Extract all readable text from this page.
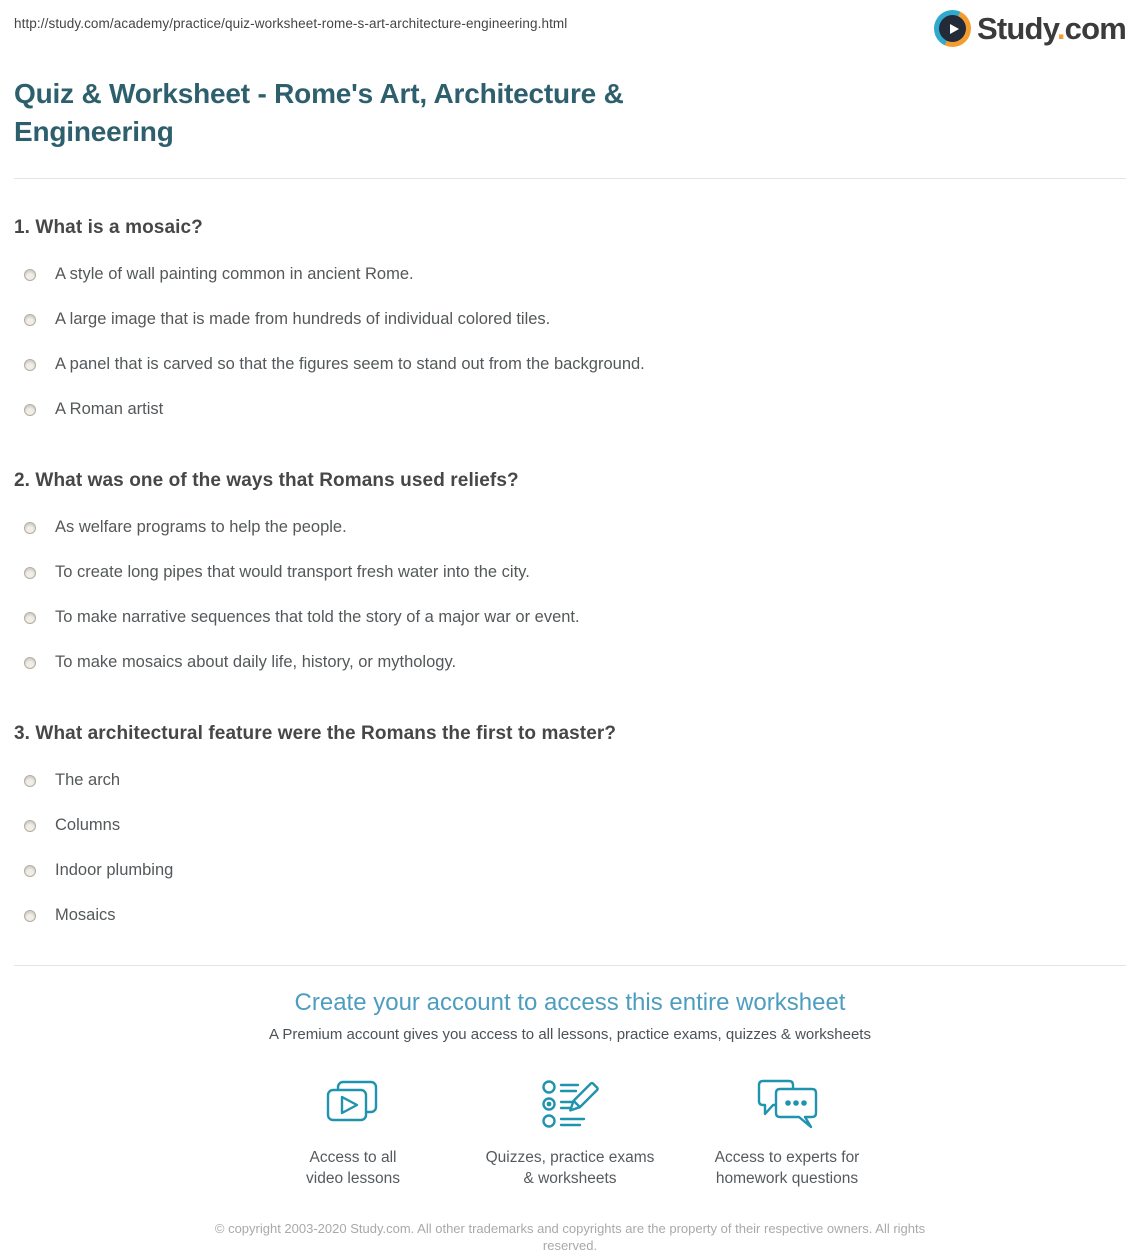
http://study.com/academy/practice/quiz-worksheet-rome-s-art-architecture-engineering.html	Study.com
Quiz & Worksheet - Rome's Art, Architecture & Engineering
1. What is a mosaic?
A style of wall painting common in ancient Rome.
A large image that is made from hundreds of individual colored tiles.
A panel that is carved so that the figures seem to stand out from the background.
A Roman artist
2. What was one of the ways that Romans used reliefs?
As welfare programs to help the people.
To create long pipes that would transport fresh water into the city.
To make narrative sequences that told the story of a major war or event.
To make mosaics about daily life, history, or mythology.
3. What architectural feature were the Romans the first to master?
The arch
Columns
Indoor plumbing
Mosaics
Create your account to access this entire worksheet
A Premium account gives you access to all lessons, practice exams, quizzes & worksheets
Access to all
video lessons
Quizzes, practice exams
& worksheets
Access to experts for
homework questions
© copyright 2003-2020 Study.com. All other trademarks and copyrights are the property of their respective owners. All rights
reserved.
